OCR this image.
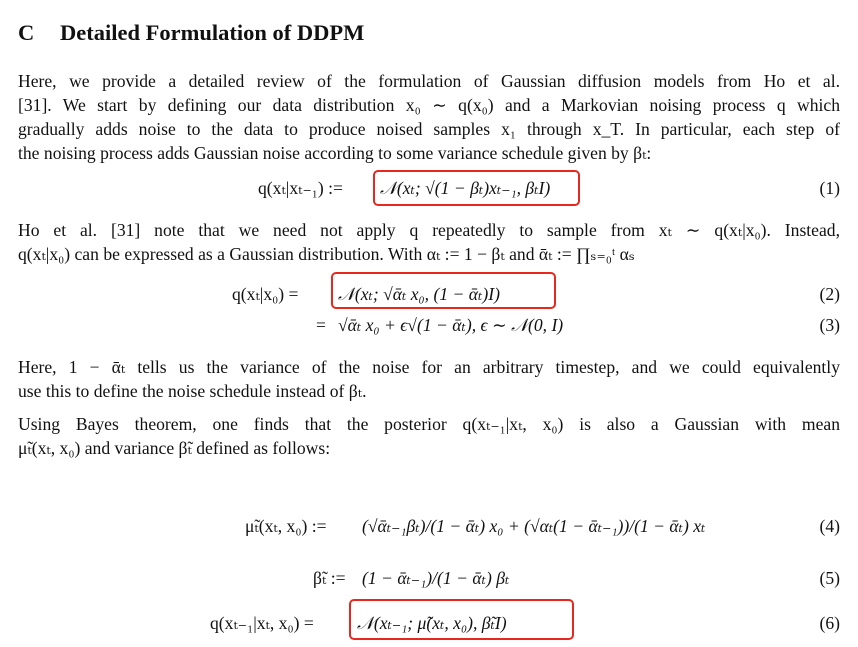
C Detailed Formulation of DDPM
Here, we provide a detailed review of the formulation of Gaussian diffusion models from Ho et al.
[31]. We start by defining our data distribution x₀ ∼ q(x₀) and a Markovian noising process q which
gradually adds noise to the data to produce noised samples x₁ through x_T. In particular, each step of
the noising process adds Gaussian noise according to some variance schedule given by βₜ:
q(xₜ|xₜ₋₁) := 𝒩(xₜ; √(1 − βₜ)xₜ₋₁, βₜI)	(1)
Ho et al. [31] note that we need not apply q repeatedly to sample from xₜ ∼ q(xₜ|x₀). Instead,
q(xₜ|x₀) can be expressed as a Gaussian distribution. With αₜ := 1 − βₜ and ᾱₜ := ∏ₛ₌₀ᵗ αₛ
q(xₜ|x₀) = 𝒩(xₜ; √ᾱₜ x₀, (1 − ᾱₜ)I)	(2)
= √ᾱₜ x₀ + ϵ√(1 − ᾱₜ), ϵ ∼ 𝒩(0, I)	(3)
Here, 1 − ᾱₜ tells us the variance of the noise for an arbitrary timestep, and we could equivalently
use this to define the noise schedule instead of βₜ.
Using Bayes theorem, one finds that the posterior q(xₜ₋₁|xₜ, x₀) is also a Gaussian with mean
μ̃ₜ(xₜ, x₀) and variance β̃ₜ defined as follows:
μ̃ₜ(xₜ, x₀) := (√ᾱₜ₋₁βₜ)/(1 − ᾱₜ) x₀ + (√αₜ(1 − ᾱₜ₋₁))/(1 − ᾱₜ) xₜ	(4)
β̃ₜ := (1 − ᾱₜ₋₁)/(1 − ᾱₜ) βₜ	(5)
q(xₜ₋₁|xₜ, x₀) = 𝒩(xₜ₋₁; μ̃(xₜ, x₀), β̃ₜI)	(6)
